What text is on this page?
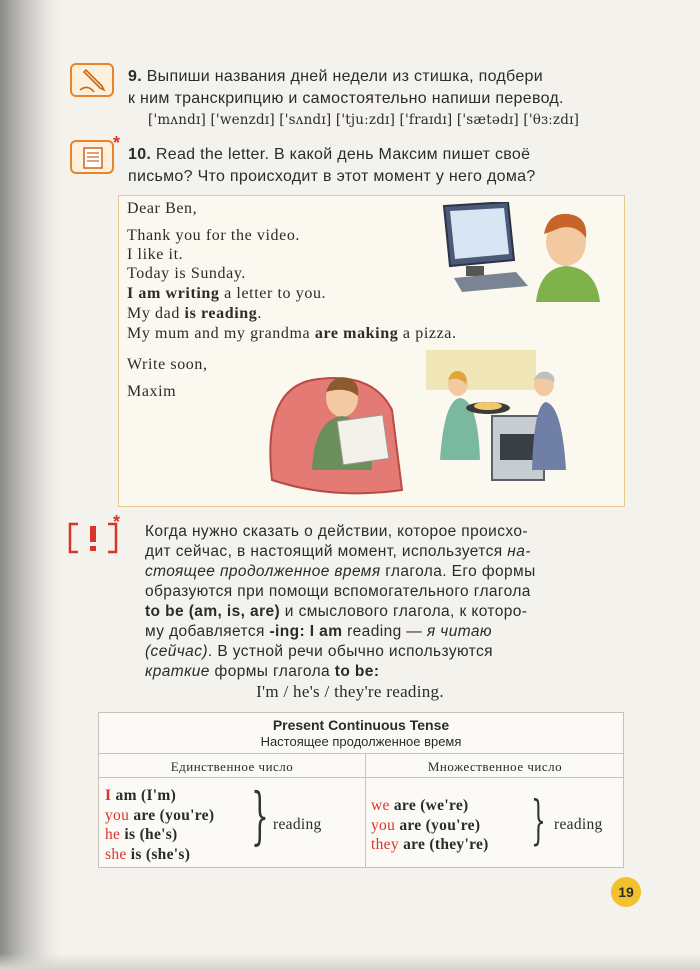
9. Выпиши названия дней недели из стишка, подбери
к ним транскрипцию и самостоятельно напиши перевод.
['mʌndɪ] ['wenzdɪ] ['sʌndɪ] ['tjuːzdɪ] ['fraɪdɪ] ['sætədɪ] ['θɜːzdɪ]
*
10. Read the letter. В какой день Максим пишет своё
письмо? Что происходит в этот момент у него дома?
Dear Ben,
Thank you for the video.
I like it.
Today is Sunday.
I am writing a letter to you.
My dad is reading.
My mum and my grandma are making a pizza.
Write soon,
Maxim
* Когда нужно сказать о действии, которое происхо-
дит сейчас, в настоящий момент, используется на-
стоящее продолженное время глагола. Его формы
образуются при помощи вспомогательного глагола
to be (am, is, are) и смыслового глагола, к которо-
му добавляется -ing: I am reading — я читаю
(сейчас). В устной речи обычно используются
краткие формы глагола to be:
I'm / he's / they're reading.
Present Continuous Tense
Настоящее продолженное время
Единственное число	Множественное число
I am (I'm)
you are (you're)
he is (he's)
she is (she's)
} reading
we are (we're)
you are (you're)
they are (they're) } reading
19
